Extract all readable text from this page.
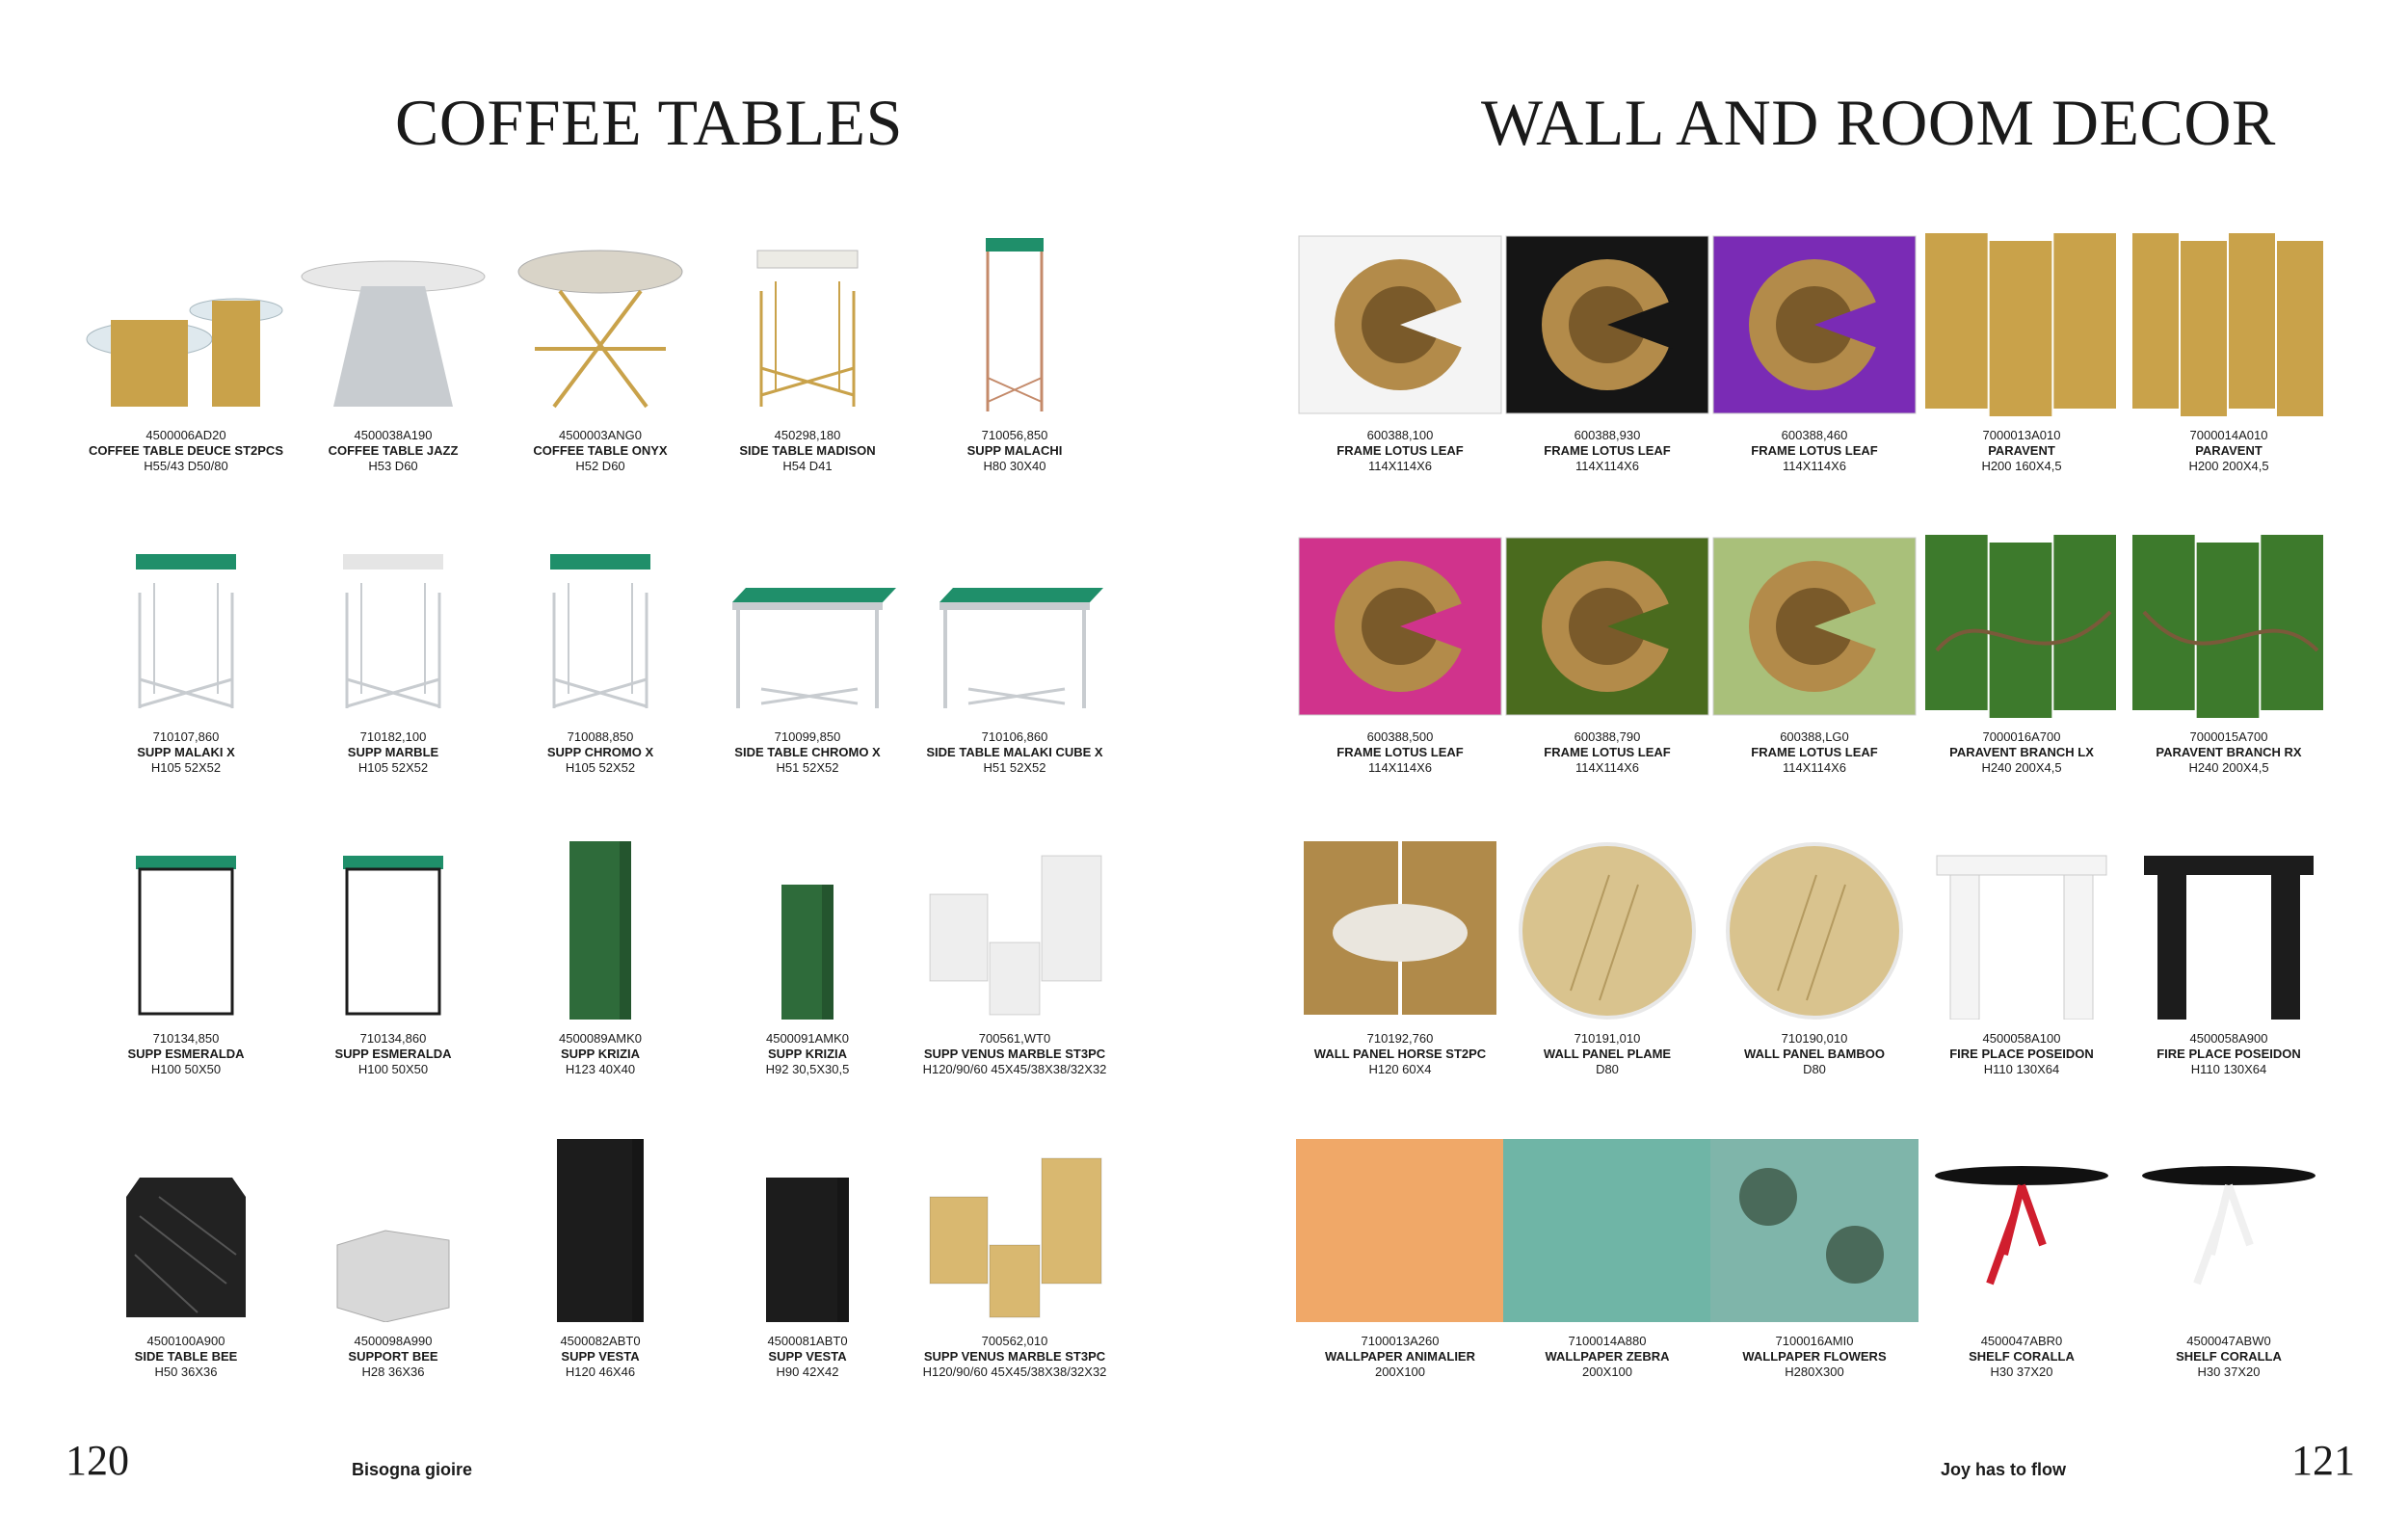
COFFEE TABLES	WALL AND ROOM DECOR
4500006AD20
COFFEE TABLE DEUCE ST2PCS
H55/43 D50/80
4500038A190
COFFEE TABLE JAZZ
H53 D60
4500003ANG0
COFFEE TABLE ONYX
H52 D60
450298,180
SIDE TABLE MADISON
H54 D41
710056,850
SUPP MALACHI
H80 30X40
710107,860
SUPP MALAKI X
H105 52X52
710182,100
SUPP MARBLE
H105 52X52
710088,850
SUPP CHROMO X
H105 52X52
710099,850
SIDE TABLE CHROMO X
H51 52X52
710106,860
SIDE TABLE MALAKI CUBE X
H51 52X52
710134,850
SUPP ESMERALDA
H100 50X50
710134,860
SUPP ESMERALDA
H100 50X50
4500089AMK0
SUPP KRIZIA
H123 40X40
4500091AMK0
SUPP KRIZIA
H92 30,5X30,5
700561,WT0
SUPP VENUS MARBLE ST3PC
H120/90/60 45X45/38X38/32X32
4500100A900
SIDE TABLE BEE
H50 36X36
4500098A990
SUPPORT BEE
H28 36X36
4500082ABT0
SUPP VESTA
H120 46X46
4500081ABT0
SUPP VESTA
H90 42X42
700562,010
SUPP VENUS MARBLE ST3PC
H120/90/60 45X45/38X38/32X32
600388,100
FRAME LOTUS LEAF
114X114X6
600388,930
FRAME LOTUS LEAF
114X114X6
600388,460
FRAME LOTUS LEAF
114X114X6
7000013A010
PARAVENT
H200 160X4,5
7000014A010
PARAVENT
H200 200X4,5
600388,500
FRAME LOTUS LEAF
114X114X6
600388,790
FRAME LOTUS LEAF
114X114X6
600388,LG0
FRAME LOTUS LEAF
114X114X6
7000016A700
PARAVENT BRANCH LX
H240 200X4,5
7000015A700
PARAVENT BRANCH RX
H240 200X4,5
710192,760
WALL PANEL HORSE ST2PC
H120 60X4
710191,010
WALL PANEL PLAME
D80
710190,010
WALL PANEL BAMBOO
D80
4500058A100
FIRE PLACE POSEIDON
H110 130X64
4500058A900
FIRE PLACE POSEIDON
H110 130X64
7100013A260
WALLPAPER ANIMALIER
200X100
7100014A880
WALLPAPER ZEBRA
200X100
7100016AMI0
WALLPAPER FLOWERS
H280X300
4500047ABR0
SHELF CORALLA
H30 37X20
4500047ABW0
SHELF CORALLA
H30 37X20
120	Bisogna gioire	Joy has to flow	121
